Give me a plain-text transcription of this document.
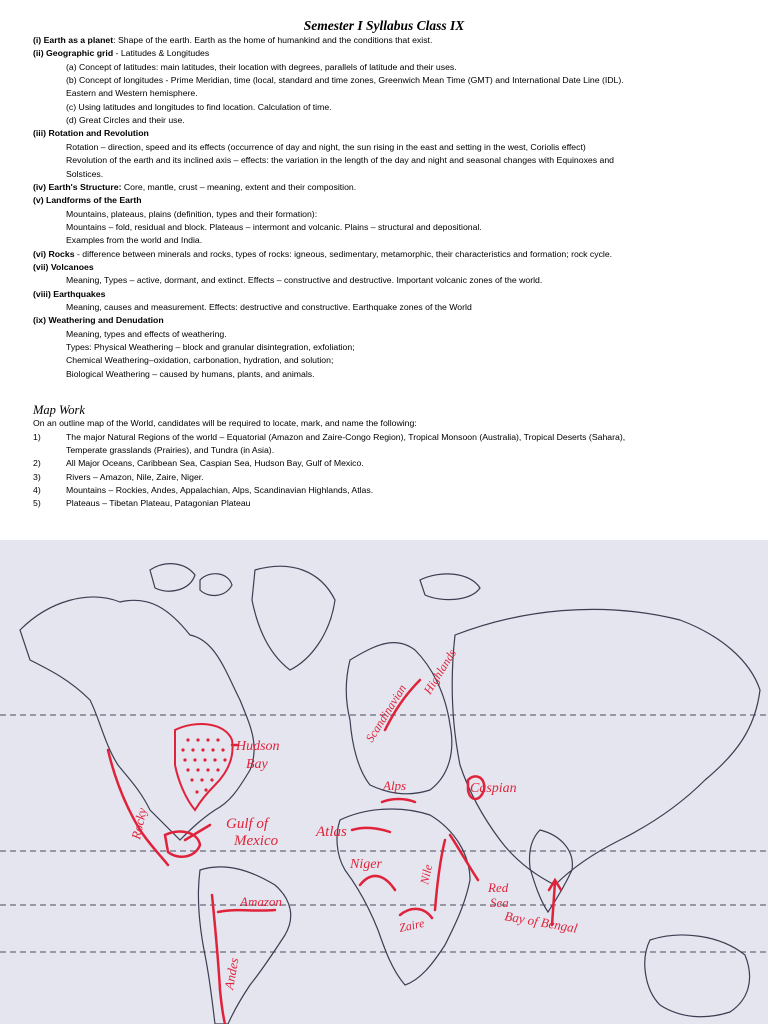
Semester I Syllabus Class IX
(i) Earth as a planet: Shape of the earth. Earth as the home of humankind and the conditions that exist.
(ii) Geographic grid - Latitudes & Longitudes
(a) Concept of latitudes: main latitudes, their location with degrees, parallels of latitude and their uses.
(b) Concept of longitudes - Prime Meridian, time (local, standard and time zones, Greenwich Mean Time (GMT) and International Date Line (IDL).
Eastern and Western hemisphere.
(c) Using latitudes and longitudes to find location. Calculation of time.
(d) Great Circles and their use.
(iii) Rotation and Revolution
Rotation – direction, speed and its effects (occurrence of day and night, the sun rising in the east and setting in the west, Coriolis effect)
Revolution of the earth and its inclined axis – effects: the variation in the length of the day and night and seasonal changes with Equinoxes and
Solstices.
(iv) Earth's Structure: Core, mantle, crust – meaning, extent and their composition.
(v) Landforms of the Earth
Mountains, plateaus, plains (definition, types and their formation):
Mountains – fold, residual and block. Plateaus – intermont and volcanic. Plains – structural and depositional.
Examples from the world and India.
(vi) Rocks - difference between minerals and rocks, types of rocks: igneous, sedimentary, metamorphic, their characteristics and formation; rock cycle.
(vii) Volcanoes
Meaning, Types – active, dormant, and extinct. Effects – constructive and destructive. Important volcanic zones of the world.
(viii) Earthquakes
Meaning, causes and measurement. Effects: destructive and constructive. Earthquake zones of the World
(ix) Weathering and Denudation
Meaning, types and effects of weathering.
Types: Physical Weathering – block and granular disintegration, exfoliation;
Chemical Weathering–oxidation, carbonation, hydration, and solution;
Biological Weathering – caused by humans, plants, and animals.
Map Work
On an outline map of the World, candidates will be required to locate, mark, and name the following:
1)	The major Natural Regions of the world – Equatorial (Amazon and Zaire-Congo Region), Tropical Monsoon (Australia), Tropical Deserts (Sahara),
Temperate grasslands (Prairies), and Tundra (in Asia).
2)	All Major Oceans, Caribbean Sea, Caspian Sea, Hudson Bay, Gulf of Mexico.
3)	Rivers – Amazon, Nile, Zaire, Niger.
4)	Mountains – Rockies, Andes, Appalachian, Alps, Scandinavian Highlands, Atlas.
5)	Plateaus – Tibetan Plateau, Patagonian Plateau
Hudson
Bay
Rocky	Gulf of
Mexico
Atlas
Alps
Scandinavian
Highlands
Caspian
Niger	Nile
Zaire
Red
Sea
Bay of Bengal
Amazon
Andes
